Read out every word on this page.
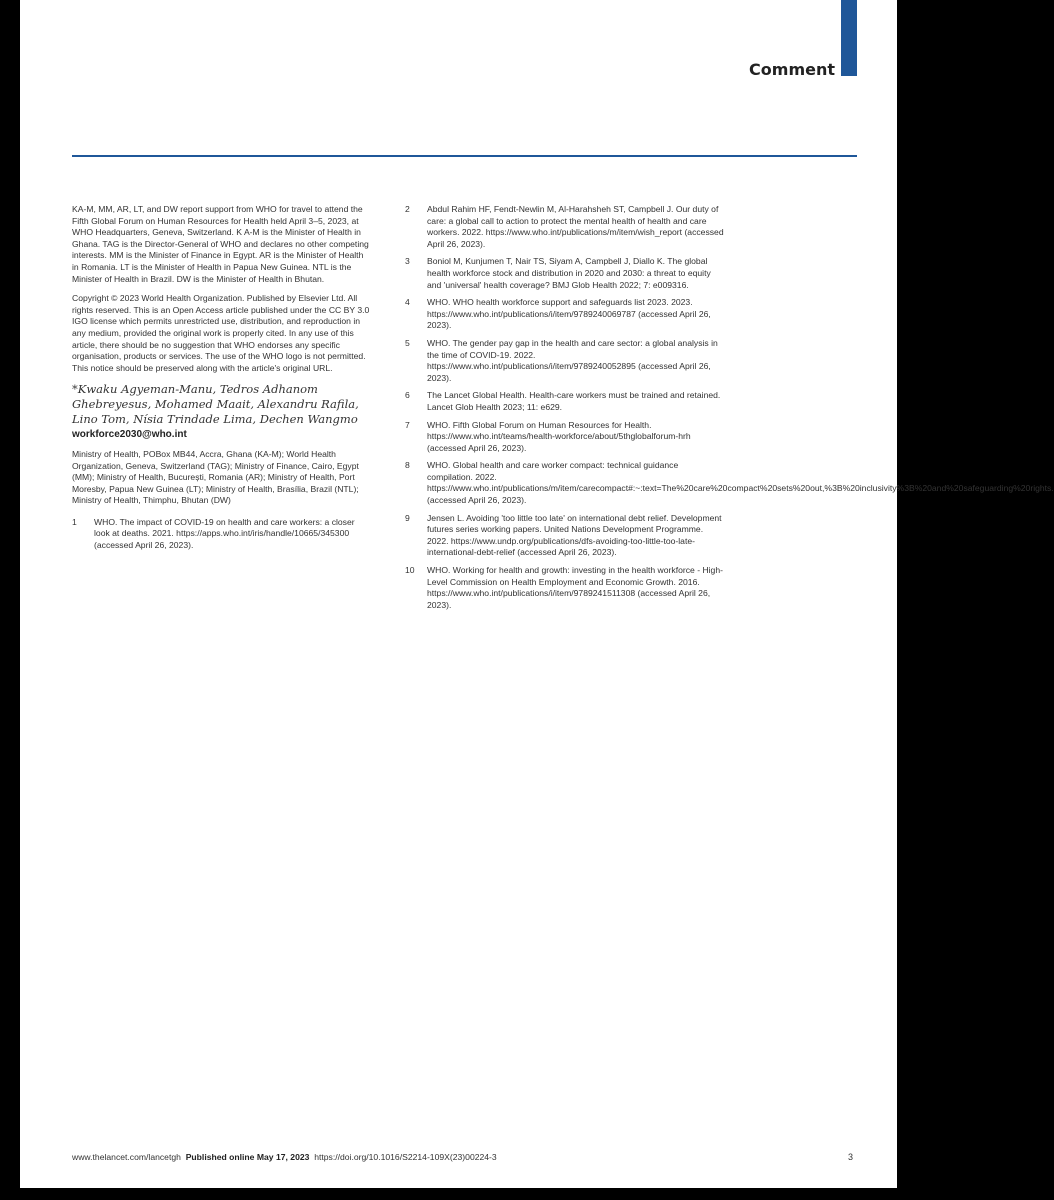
Comment

KA-M, MM, AR, LT, and DW report support from WHO for travel to attend the Fifth Global Forum on Human Resources for Health held April 3–5, 2023, at WHO Headquarters, Geneva, Switzerland. K A-M is the Minister of Health in Ghana. TAG is the Director-General of WHO and declares no other competing interests. MM is the Minister of Finance in Egypt. AR is the Minister of Health in Romania. LT is the Minister of Health in Papua New Guinea. NTL is the Minister of Health in Brazil. DW is the Minister of Health in Bhutan.

Copyright © 2023 World Health Organization. Published by Elsevier Ltd. All rights reserved. This is an Open Access article published under the CC BY 3.0 IGO license which permits unrestricted use, distribution, and reproduction in any medium, provided the original work is properly cited. In any use of this article, there should be no suggestion that WHO endorses any specific organisation, products or services. The use of the WHO logo is not permitted. This notice should be preserved along with the article's original URL.

*Kwaku Agyeman-Manu, Tedros Adhanom Ghebreyesus, Mohamed Maait, Alexandru Rafila, Lino Tom, Nísia Trindade Lima, Dechen Wangmo
workforce2030@who.int

Ministry of Health, POBox MB44, Accra, Ghana (KA-M); World Health Organization, Geneva, Switzerland (TAG); Ministry of Finance, Cairo, Egypt (MM); Ministry of Health, București, Romania (AR); Ministry of Health, Port Moresby, Papua New Guinea (LT); Ministry of Health, Brasília, Brazil (NTL); Ministry of Health, Thimphu, Bhutan (DW)

1	WHO. The impact of COVID-19 on health and care workers: a closer look at deaths. 2021. https://apps.who.int/iris/handle/10665/345300 (accessed April 26, 2023).
2	Abdul Rahim HF, Fendt-Newlin M, Al-Harahsheh ST, Campbell J. Our duty of care: a global call to action to protect the mental health of health and care workers. 2022. https://www.who.int/publications/m/item/wish_report (accessed April 26, 2023).
3	Boniol M, Kunjumen T, Nair TS, Siyam A, Campbell J, Diallo K. The global health workforce stock and distribution in 2020 and 2030: a threat to equity and 'universal' health coverage? BMJ Glob Health 2022; 7: e009316.
4	WHO. WHO health workforce support and safeguards list 2023. 2023. https://www.who.int/publications/i/item/9789240069787 (accessed April 26, 2023).
5	WHO. The gender pay gap in the health and care sector: a global analysis in the time of COVID-19. 2022. https://www.who.int/publications/i/item/9789240052895 (accessed April 26, 2023).
6	The Lancet Global Health. Health-care workers must be trained and retained. Lancet Glob Health 2023; 11: e629.
7	WHO. Fifth Global Forum on Human Resources for Health. https://www.who.int/teams/health-workforce/about/5thglobalforum-hrh (accessed April 26, 2023).
8	WHO. Global health and care worker compact: technical guidance compilation. 2022. https://www.who.int/publications/m/item/carecompact#:~:text=The%20care%20compact%20sets%20out,%3B%20inclusivity%3B%20and%20safeguarding%20rights. (accessed April 26, 2023).
9	Jensen L. Avoiding 'too little too late' on international debt relief. Development futures series working papers. United Nations Development Programme. 2022. https://www.undp.org/publications/dfs-avoiding-too-little-too-late-international-debt-relief (accessed April 26, 2023).
10	WHO. Working for health and growth: investing in the health workforce - High-Level Commission on Health Employment and Economic Growth. 2016. https://www.who.int/publications/i/item/9789241511308 (accessed April 26, 2023).
www.thelancet.com/lancetgh Published online May 17, 2023 https://doi.org/10.1016/S2214-109X(23)00224-3	3
